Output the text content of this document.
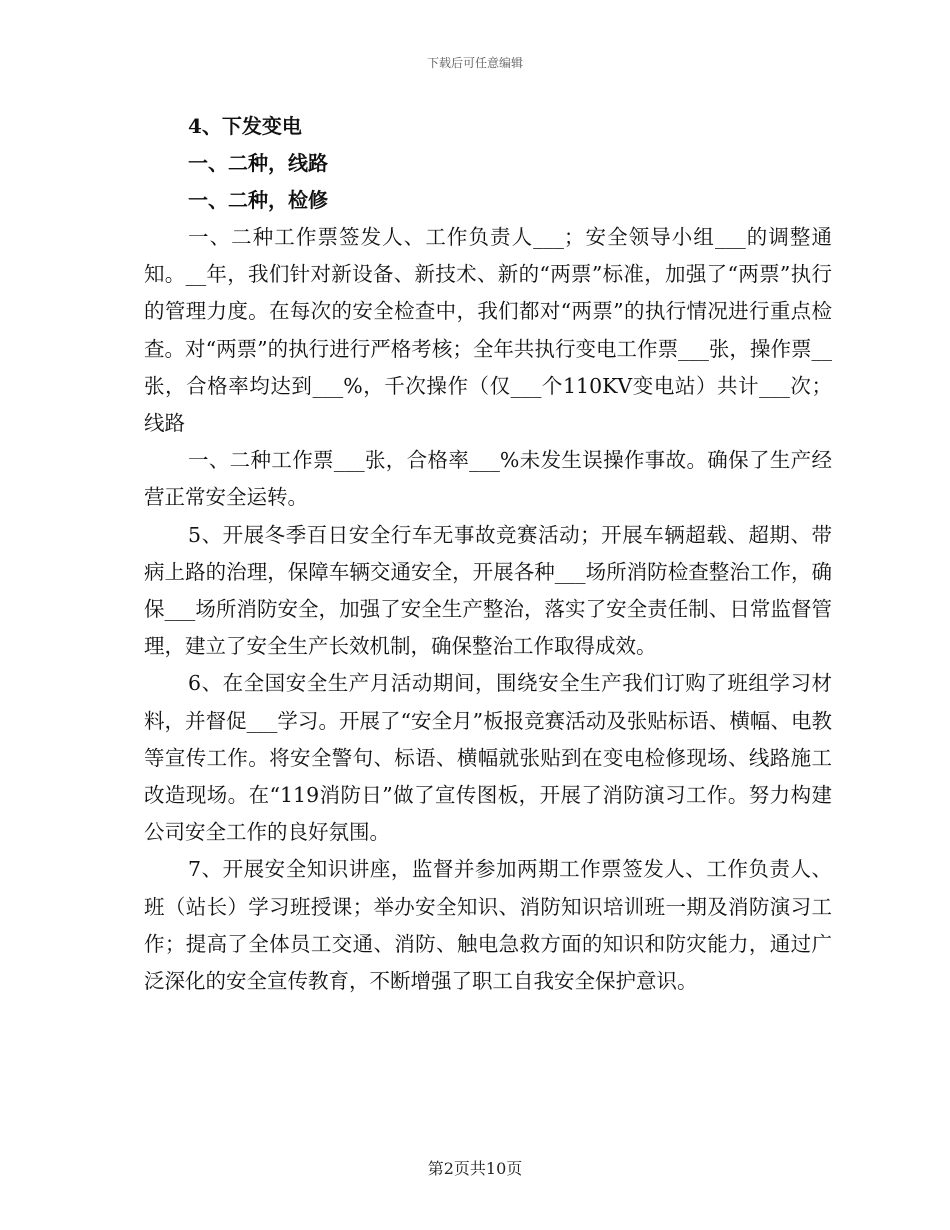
下载后可任意编辑
4、下发变电
一、二种，线路
一、二种，检修

一、二种工作票签发人、工作负责人___；安全领导小组___的调整通知。__年，我们针对新设备、新技术、新的“两票”标准，加强了“两票”执行的管理力度。在每次的安全检查中，我们都对“两票”的执行情况进行重点检查。对“两票”的执行进行严格考核；全年共执行变电工作票___张，操作票__张，合格率均达到___%，千次操作（仅___个110KV变电站）共计___次；线路

一、二种工作票___张，合格率___%未发生误操作事故。确保了生产经营正常安全运转。

5、开展冬季百日安全行车无事故竞赛活动；开展车辆超载、超期、带病上路的治理，保障车辆交通安全，开展各种___场所消防检查整治工作，确保___场所消防安全，加强了安全生产整治，落实了安全责任制、日常监督管理，建立了安全生产长效机制，确保整治工作取得成效。

6、在全国安全生产月活动期间，围绕安全生产我们订购了班组学习材料，并督促___学习。开展了“安全月”板报竞赛活动及张贴标语、横幅、电教等宣传工作。将安全警句、标语、横幅就张贴到在变电检修现场、线路施工改造现场。在“119消防日”做了宣传图板，开展了消防演习工作。努力构建公司安全工作的良好氛围。

7、开展安全知识讲座，监督并参加两期工作票签发人、工作负责人、班（站长）学习班授课；举办安全知识、消防知识培训班一期及消防演习工作；提高了全体员工交通、消防、触电急救方面的知识和防灾能力，通过广泛深化的安全宣传教育，不断增强了职工自我安全保护意识。

第2页共10页
